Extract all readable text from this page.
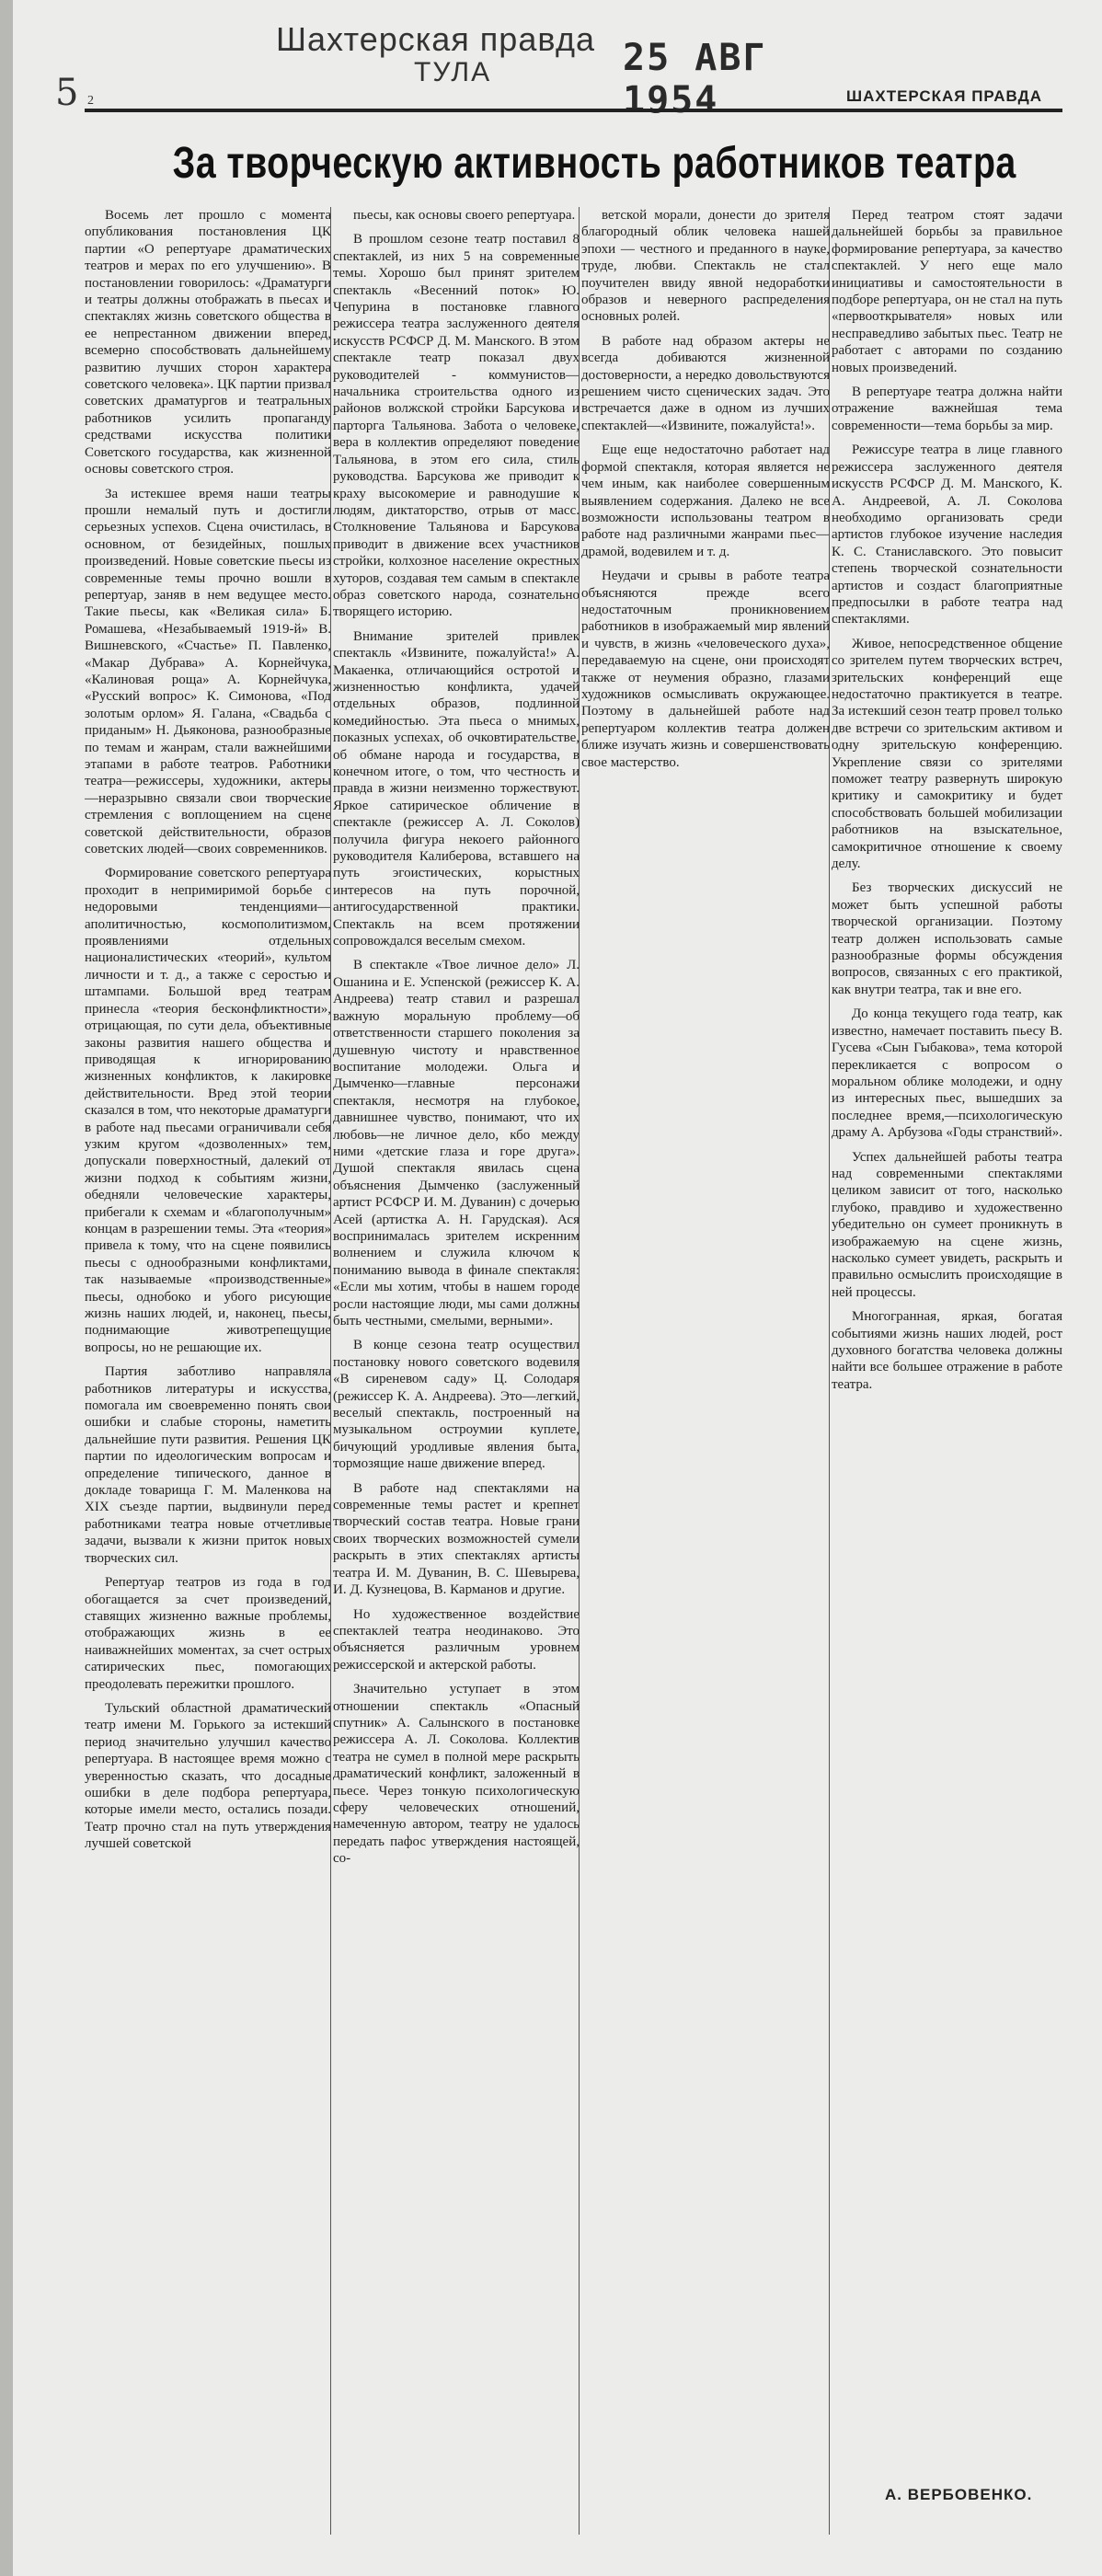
Шахтерская правда
ТУЛА	25 АВГ 1954
5 2	ШАХТЕРСКАЯ ПРАВДА
За творческую активность работников театра

Восемь лет прошло с момента опубликования постановления ЦК партии «О репертуаре драматических театров и мерах по его улучшению». В постановлении говорилось: «Драматурги и театры должны отображать в пьесах и спектаклях жизнь советского общества в ее непрестанном движении вперед, всемерно способствовать дальнейшему развитию лучших сторон характера советского человека». ЦК партии призвал советских драматургов и театральных работников усилить пропаганду средствами искусства политики Советского государства, как жизненной основы советского строя.

За истекшее время наши театры прошли немалый путь и достигли серьезных успехов. Сцена очистилась, в основном, от безидейных, пошлых произведений. Новые советские пьесы из современные темы прочно вошли в репертуар, заняв в нем ведущее место. Такие пьесы, как «Великая сила» Б. Ромашева, «Незабываемый 1919-й» В. Вишневского, «Счастье» П. Павленко, «Макар Дубрава» А. Корнейчука, «Калиновая роща» А. Корнейчука, «Русский вопрос» К. Симонова, «Под золотым орлом» Я. Галана, «Свадьба с приданым» Н. Дьяконова, разнообразные по темам и жанрам, стали важнейшими этапами в работе театров. Работники театра—режиссеры, художники, актеры—неразрывно связали свои творческие стремления с воплощением на сцене советской действительности, образов советских людей—своих современников.

Формирование советского репертуара проходит в непримиримой борьбе с недоровыми тенденциями—аполитичностью, космополитизмом, проявлениями отдельных националистических «теорий», культом личности и т. д., а также с серостью и штампами. Большой вред театрам принесла «теория бесконфликтности», отрицающая, по сути дела, объективные законы развития нашего общества и приводящая к игнорированию жизненных конфликтов, к лакировке действительности. Вред этой теории сказался в том, что некоторые драматурги в работе над пьесами ограничивали себя узким кругом «дозволенных» тем, допускали поверхностный, далекий от жизни подход к событиям жизни, обедняли человеческие характеры, прибегали к схемам и «благополучным» концам в разрешении темы. Эта «теория» привела к тому, что на сцене появились пьесы с однообразными конфликтами, так называемые «производственные» пьесы, однобоко и убого рисующие жизнь наших людей, и, наконец, пьесы, поднимающие животрепещущие вопросы, но не решающие их.

Партия заботливо направляла работников литературы и искусства, помогала им своевременно понять свои ошибки и слабые стороны, наметить дальнейшие пути развития. Решения ЦК партии по идеологическим вопросам и определение типического, данное в докладе товарища Г. М. Маленкова на XIX съезде партии, выдвинули перед работниками театра новые отчетливые задачи, вызвали к жизни приток новых творческих сил.

Репертуар театров из года в год обогащается за счет произведений, ставящих жизненно важные проблемы, отображающих жизнь в ее наиважнейших моментах, за счет острых сатирических пьес, помогающих преодолевать пережитки прошлого.

Тульский областной драматический театр имени М. Горького за истекший период значительно улучшил качество репертуара. В настоящее время можно с уверенностью сказать, что досадные ошибки в деле подбора репертуара, которые имели место, остались позади. Театр прочно стал на путь утверждения лучшей советской

пьесы, как основы своего репертуара.

В прошлом сезоне театр поставил 8 спектаклей, из них 5 на современные темы. Хорошо был принят зрителем спектакль «Весенний поток» Ю. Чепурина в постановке главного режиссера театра заслуженного деятеля искусств РСФСР Д. М. Манского. В этом спектакле театр показал двух руководителей - коммунистов—начальника строительства одного из районов волжской стройки Барсукова и парторга Тальянова. Забота о человеке, вера в коллектив определяют поведение Тальянова, в этом его сила, стиль руководства. Барсукова же приводит к краху высокомерие и равнодушие к людям, диктаторство, отрыв от масс. Столкновение Тальянова и Барсукова приводит в движение всех участников стройки, колхозное население окрестных хуторов, создавая тем самым в спектакле образ советского народа, сознательно творящего историю.

Внимание зрителей привлек спектакль «Извините, пожалуйста!» А. Макаенка, отличающийся остротой и жизненностью конфликта, удачей отдельных образов, подлинной комедийностью. Эта пьеса о мнимых, показных успехах, об очковтирательстве, об обмане народа и государства, в конечном итоге, о том, что честность и правда в жизни неизменно торжествуют. Яркое сатирическое обличение в спектакле (режиссер А. Л. Соколов) получила фигура некоего районного руководителя Калиберова, вставшего на путь эгоистических, корыстных интересов на путь порочной, антигосударственной практики. Спектакль на всем протяжении сопровождался веселым смехом.

В спектакле «Твое личное дело» Л. Ошанина и Е. Успенской (режиссер К. А. Андреева) театр ставил и разрешал важную моральную проблему—об ответственности старшего поколения за душевную чистоту и нравственное воспитание молодежи. Ольга и Дымченко—главные персонажи спектакля, несмотря на глубокое, давнишнее чувство, понимают, что их любовь—не личное дело, кбо между ними «детские глаза и горе друга». Душой спектакля явилась сцена объяснения Дымченко (заслуженный артист РСФСР И. М. Дуванин) с дочерью Асей (артистка А. Н. Гарудская). Ася воспринималась зрителем искренним волнением и служила ключом к пониманию вывода в финале спектакля: «Если мы хотим, чтобы в нашем городе росли настоящие люди, мы сами должны быть честными, смелыми, верными».

В конце сезона театр осуществил постановку нового советского водевиля «В сиреневом саду» Ц. Солодаря (режиссер К. А. Андреева). Это—легкий, веселый спектакль, построенный на музыкальном остроумии куплете, бичующий уродливые явления быта, тормозящие наше движение вперед.

В работе над спектаклями на современные темы растет и крепнет творческий состав театра. Новые грани своих творческих возможностей сумели раскрыть в этих спектаклях артисты театра И. М. Дуванин, В. С. Шевырева, И. Д. Кузнецова, В. Карманов и другие.

Но художественное воздействие спектаклей театра неодинаково. Это объясняется различным уровнем режиссерской и актерской работы.

Значительно уступает в этом отношении спектакль «Опасный спутник» А. Салынского в постановке режиссера А. Л. Соколова. Коллектив театра не сумел в полной мере раскрыть драматический конфликт, заложенный в пьесе. Через тонкую психологическую сферу человеческих отношений, намеченную автором, театру не удалось передать пафос утверждения настоящей, со-

ветской морали, донести до зрителя благородный облик человека нашей эпохи — честного и преданного в науке, труде, любви. Спектакль не стал поучителен ввиду явной недоработки образов и неверного распределения основных ролей.

В работе над образом актеры не всегда добиваются жизненной достоверности, а нередко довольствуются решением чисто сценических задач. Это встречается даже в одном из лучших спектаклей—«Извините, пожалуйста!».

Еще еще недостаточно работает над формой спектакля, которая является не чем иным, как наиболее совершенным выявлением содержания. Далеко не все возможности использованы театром в работе над различными жанрами пьес—драмой, водевилем и т. д.

Неудачи и срывы в работе театра объясняются прежде всего недостаточным проникновением работников в изображаемый мир явлений и чувств, в жизнь «человеческого духа», передаваемую на сцене, они происходят также от неумения образно, глазами художников осмысливать окружающее. Поэтому в дальнейшей работе над репертуаром коллектив театра должен ближе изучать жизнь и совершенствовать свое мастерство.

Перед театром стоят задачи дальнейшей борьбы за правильное формирование репертуара, за качество спектаклей. У него еще мало инициативы и самостоятельности в подборе репертуара, он не стал на путь «первооткрывателя» новых или несправедливо забытых пьес. Театр не работает с авторами по созданию новых произведений.

В репертуаре театра должна найти отражение важнейшая тема современности—тема борьбы за мир.

Режиссуре театра в лице главного режиссера заслуженного деятеля искусств РСФСР Д. М. Манского, К. А. Андреевой, А. Л. Соколова необходимо организовать среди артистов глубокое изучение наследия К. С. Станиславского. Это повысит степень творческой сознательности артистов и создаст благоприятные предпосылки в работе театра над спектаклями.

Живое, непосредственное общение со зрителем путем творческих встреч, зрительских конференций еще недостаточно практикуется в театре. За истекший сезон театр провел только две встречи со зрительским активом и одну зрительскую конференцию. Укрепление связи со зрителями поможет театру развернуть широкую критику и самокритику и будет способствовать большей мобилизации работников на взыскательное, самокритичное отношение к своему делу.

Без творческих дискуссий не может быть успешной работы творческой организации. Поэтому театр должен использовать самые разнообразные формы обсуждения вопросов, связанных с его практикой, как внутри театра, так и вне его.

До конца текущего года театр, как известно, намечает поставить пьесу В. Гусева «Сын Гыбакова», тема которой перекликается с вопросом о моральном облике молодежи, и одну из интересных пьес, вышедших за последнее время,—психологическую драму А. Арбузова «Годы странствий».

Успех дальнейшей работы театра над современными спектаклями целиком зависит от того, насколько глубоко, правдиво и художественно убедительно он сумеет проникнуть в изображаемую на сцене жизнь, насколько сумеет увидеть, раскрыть и правильно осмыслить происходящие в ней процессы.

Многогранная, яркая, богатая событиями жизнь наших людей, рост духовного богатства человека должны найти все большее отражение в работе театра.

А. ВЕРБОВЕНКО.
